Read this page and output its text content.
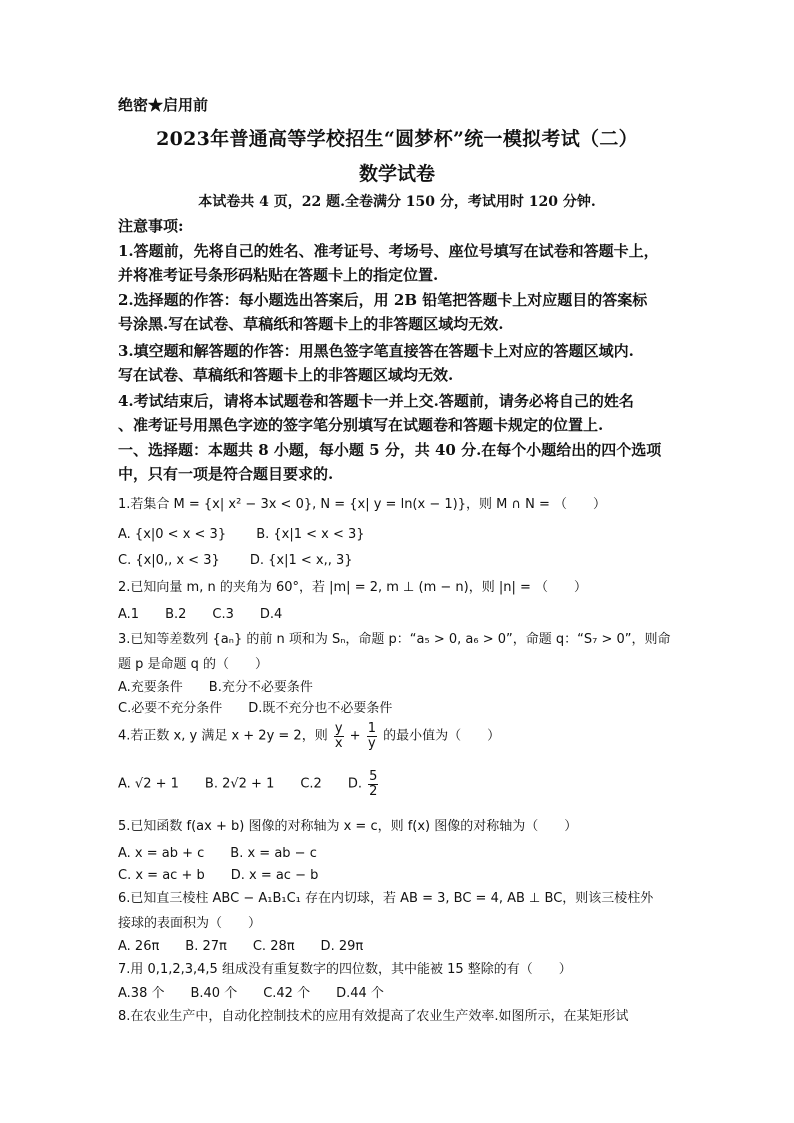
绝密★启用前
2023年普通高等学校招生“圆梦杯”统一模拟考试（二）
数学试卷
本试卷共 4 页，22 题.全卷满分 150 分，考试用时 120 分钟.
注意事项:
1.答题前，先将自己的姓名、准考证号、考场号、座位号填写在试卷和答题卡上，
并将准考证号条形码粘贴在答题卡上的指定位置.
2.选择题的作答：每小题选出答案后，用 2B 铅笔把答题卡上对应题目的答案标
号涂黑.写在试卷、草稿纸和答题卡上的非答题区域均无效.
3.填空题和解答题的作答：用黑色签字笔直接答在答题卡上对应的答题区域内.
写在试卷、草稿纸和答题卡上的非答题区域均无效.
4.考试结束后，请将本试题卷和答题卡一并上交.答题前，请务必将自己的姓名
、准考证号用黑色字迹的签字笔分别填写在试题卷和答题卡规定的位置上.
一、选择题：本题共 8 小题，每小题 5 分，共 40 分.在每个小题给出的四个选项
中，只有一项是符合题目要求的.
1.若集合 M = {x| x² − 3x < 0}, N = {x| y = ln(x − 1)}，则 M ∩ N = （　　）
A. {x|0 < x < 3}　　 B. {x|1 < x < 3}
C. {x|0,, x < 3}　　 D. {x|1 < x,, 3}
2.已知向量 m, n 的夹角为 60°，若 |m| = 2, m ⊥ (m − n)，则 |n| = （　　）
A.1　　B.2　　C.3　　D.4
3.已知等差数列 {aₙ} 的前 n 项和为 Sₙ，命题 p：“a₅ > 0, a₆ > 0”，命题 q：“S₇ > 0”，则命
题 p 是命题 q 的（　　）
A.充要条件　　B.充分不必要条件
C.必要不充分条件　　D.既不充分也不必要条件
4.若正数 x, y 满足 x + 2y = 2，则 $\frac{y}{x} + \frac{1}{y}$ 的最小值为（　　）
A. √2 + 1　　B. 2√2 + 1　　C.2　　D. $\frac{5}{2}$
5.已知函数 f(ax + b) 图像的对称轴为 x = c，则 f(x) 图像的对称轴为（　　）
A. x = ab + c　　B. x = ab − c
C. x = ac + b　　D. x = ac − b
6.已知直三棱柱 ABC − A₁B₁C₁ 存在内切球，若 AB = 3, BC = 4, AB ⊥ BC，则该三棱柱外
接球的表面积为（　　）
A. 26π　　B. 27π　　C. 28π　　D. 29π
7.用 0,1,2,3,4,5 组成没有重复数字的四位数，其中能被 15 整除的有（　　）
A.38 个　　B.40 个　　C.42 个　　D.44 个
8.在农业生产中，自动化控制技术的应用有效提高了农业生产效率.如图所示，在某矩形试
